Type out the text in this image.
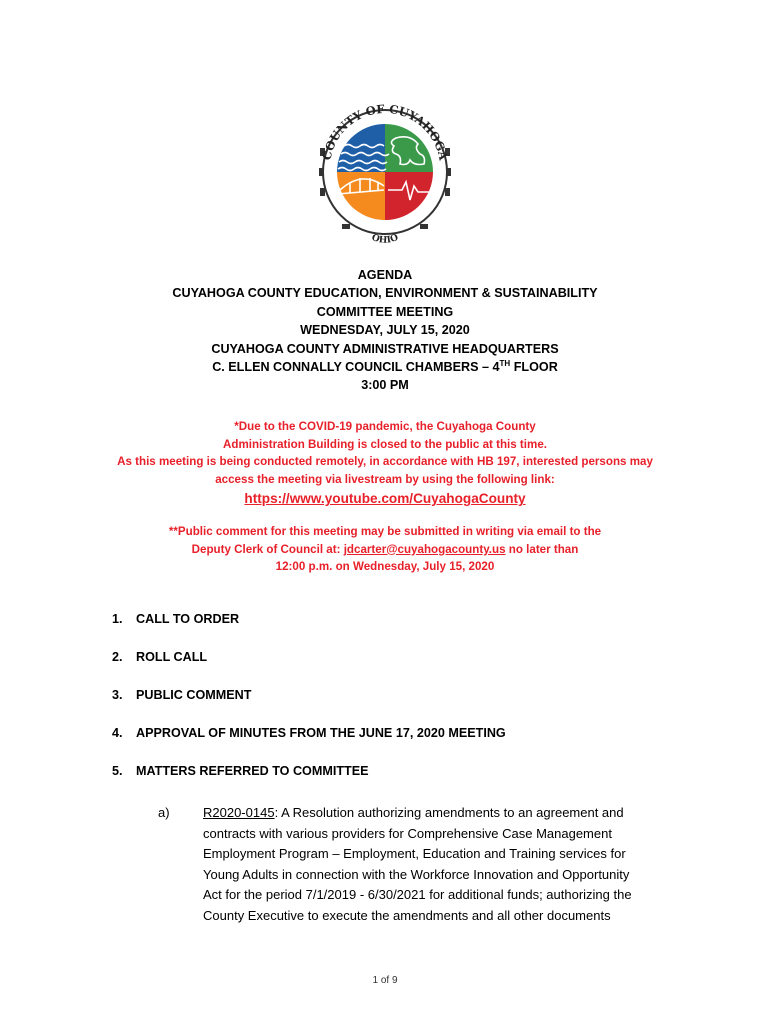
COUNTY OF CUYAHOGA
OHIO
AGENDA
CUYAHOGA COUNTY EDUCATION, ENVIRONMENT & SUSTAINABILITY
COMMITTEE MEETING
WEDNESDAY, JULY 15, 2020
CUYAHOGA COUNTY ADMINISTRATIVE HEADQUARTERS
C. ELLEN CONNALLY COUNCIL CHAMBERS – 4TH FLOOR
3:00 PM
*Due to the COVID-19 pandemic, the Cuyahoga County
Administration Building is closed to the public at this time.
As this meeting is being conducted remotely, in accordance with HB 197, interested persons may
access the meeting via livestream by using the following link:
https://www.youtube.com/CuyahogaCounty
**Public comment for this meeting may be submitted in writing via email to the
Deputy Clerk of Council at: jdcarter@cuyahogacounty.us no later than
12:00 p.m. on Wednesday, July 15, 2020
1. CALL TO ORDER
2. ROLL CALL
3. PUBLIC COMMENT
4. APPROVAL OF MINUTES FROM THE JUNE 17, 2020 MEETING
5. MATTERS REFERRED TO COMMITTEE
a)	R2020-0145: A Resolution authorizing amendments to an agreement and
contracts with various providers for Comprehensive Case Management
Employment Program – Employment, Education and Training services for
Young Adults in connection with the Workforce Innovation and Opportunity
Act for the period 7/1/2019 - 6/30/2021 for additional funds; authorizing the
County Executive to execute the amendments and all other documents
1 of 9
